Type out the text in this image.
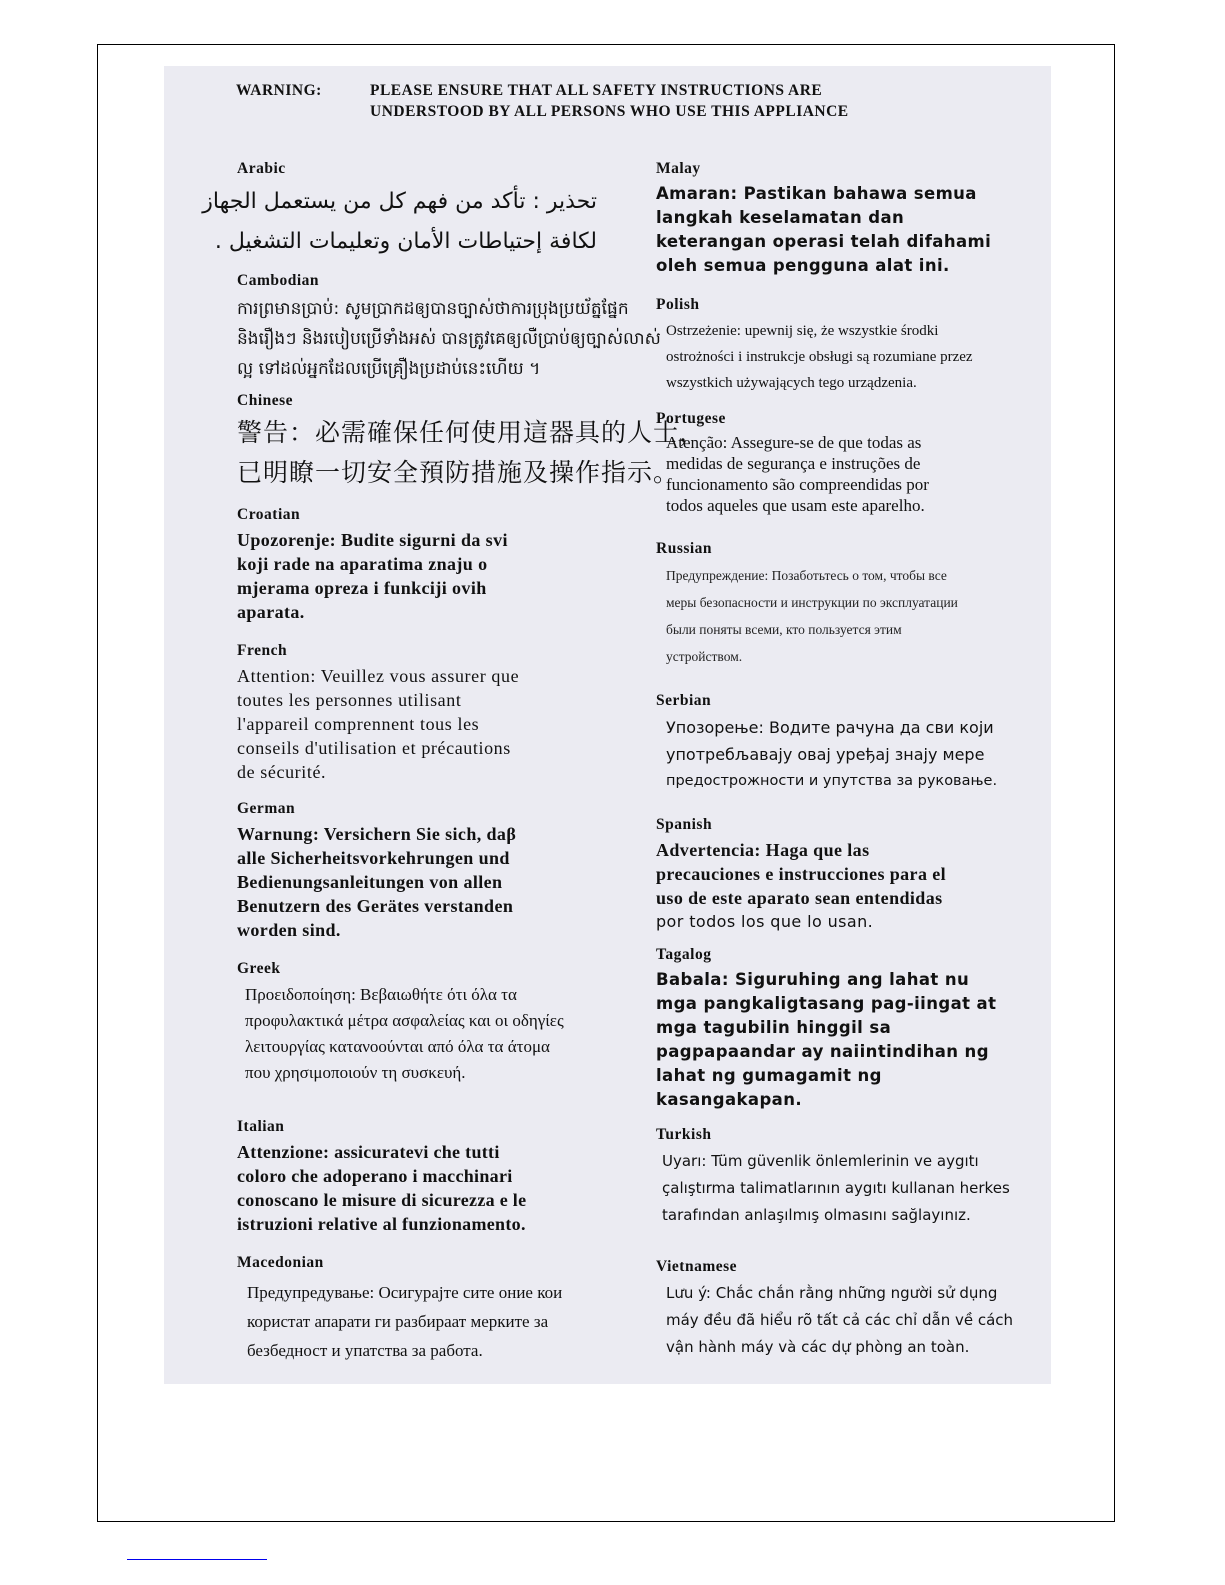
WARNING:	PLEASE ENSURE THAT ALL SAFETY INSTRUCTIONS ARE
UNDERSTOOD BY ALL PERSONS WHO USE THIS APPLIANCE
Arabic
تحذير : تأكد من فهم كل من يستعمل الجهاز
لكافة إحتياطات الأمان وتعليمات التشغيل .
Cambodian
ការព្រមានប្រាប់: សូមប្រាកដឲ្យបានច្បាស់ថាការប្រុងប្រយ័ត្នផ្នែក
និងរឿងៗ និងរបៀបប្រើទាំងអស់ បានត្រូវគេឲ្យលឺប្រាប់ឲ្យច្បាស់លាស់
ល្អ ទៅដល់អ្នកដែលប្រើគ្រឿងប្រដាប់នេះហើយ ។
Chinese
警告：必需確保任何使用這器具的人士，
已明瞭一切安全預防措施及操作指示。
Croatian
Upozorenje: Budite sigurni da svi
koji rade na aparatima znaju o
mjerama opreza i funkciji ovih
aparata.
French
Attention: Veuillez vous assurer que
toutes les personnes utilisant
l'appareil comprennent tous les
conseils d'utilisation et précautions
de sécurité.
German
Warnung: Versichern Sie sich, daβ
alle Sicherheitsvorkehrungen und
Bedienungsanleitungen von allen
Benutzern des Gerätes verstanden
worden sind.
Greek
Προειδοποίηση: Βεβαιωθήτε ότι όλα τα
προφυλακτικά μέτρα ασφαλείας και οι οδηγίες
λειτουργίας κατανοούνται από όλα τα άτομα
που χρησιμοποιούν τη συσκευή.
Italian
Attenzione: assicuratevi che tutti
coloro che adoperano i macchinari
conoscano le misure di sicurezza e le
istruzioni relative al funzionamento.
Macedonian
Предупредување: Осигурајте сите оние кои
користат апарати ги разбираат мерките за
безбедност и упатства за работа.
Malay
Amaran: Pastikan bahawa semua
langkah keselamatan dan
keterangan operasi telah difahami
oleh semua pengguna alat ini.
Polish
Ostrzeżenie: upewnij się, że wszystkie środki
ostrożności i instrukcje obsługi są rozumiane przez
wszystkich używających tego urządzenia.
Portugese
Atenção: Assegure-se de que todas as
medidas de segurança e instruções de
funcionamento são compreendidas por
todos aqueles que usam este aparelho.
Russian
Предупреждение: Позаботьтесь о том, чтобы все
меры безопасности и инструкции по эксплуатации
были поняты всеми, кто пользуется этим
устройством.
Serbian
Упозорење: Водите рачуна да сви који
употребљавају овај уређај знају мере
предострожности и упутства за руковање.
Spanish
Advertencia: Haga que las
precauciones e instrucciones para el
uso de este aparato sean entendidas
por todos los que lo usan.
Tagalog
Babala: Siguruhing ang lahat nu
mga pangkaligtasang pag-iingat at
mga tagubilin hinggil sa
pagpapaandar ay naiintindihan ng
lahat ng gumagamit ng
kasangakapan.
Turkish
Uyarı: Tüm güvenlik önlemlerinin ve aygıtı
çalıştırma talimatlarının aygıtı kullanan herkes
tarafından anlaşılmış olmasını sağlayınız.
Vietnamese
Lưu ý: Chắc chắn rằng những người sử dụng
máy đều đã hiểu rõ tất cả các chỉ dẫn về cách
vận hành máy và các dự phòng an toàn.
